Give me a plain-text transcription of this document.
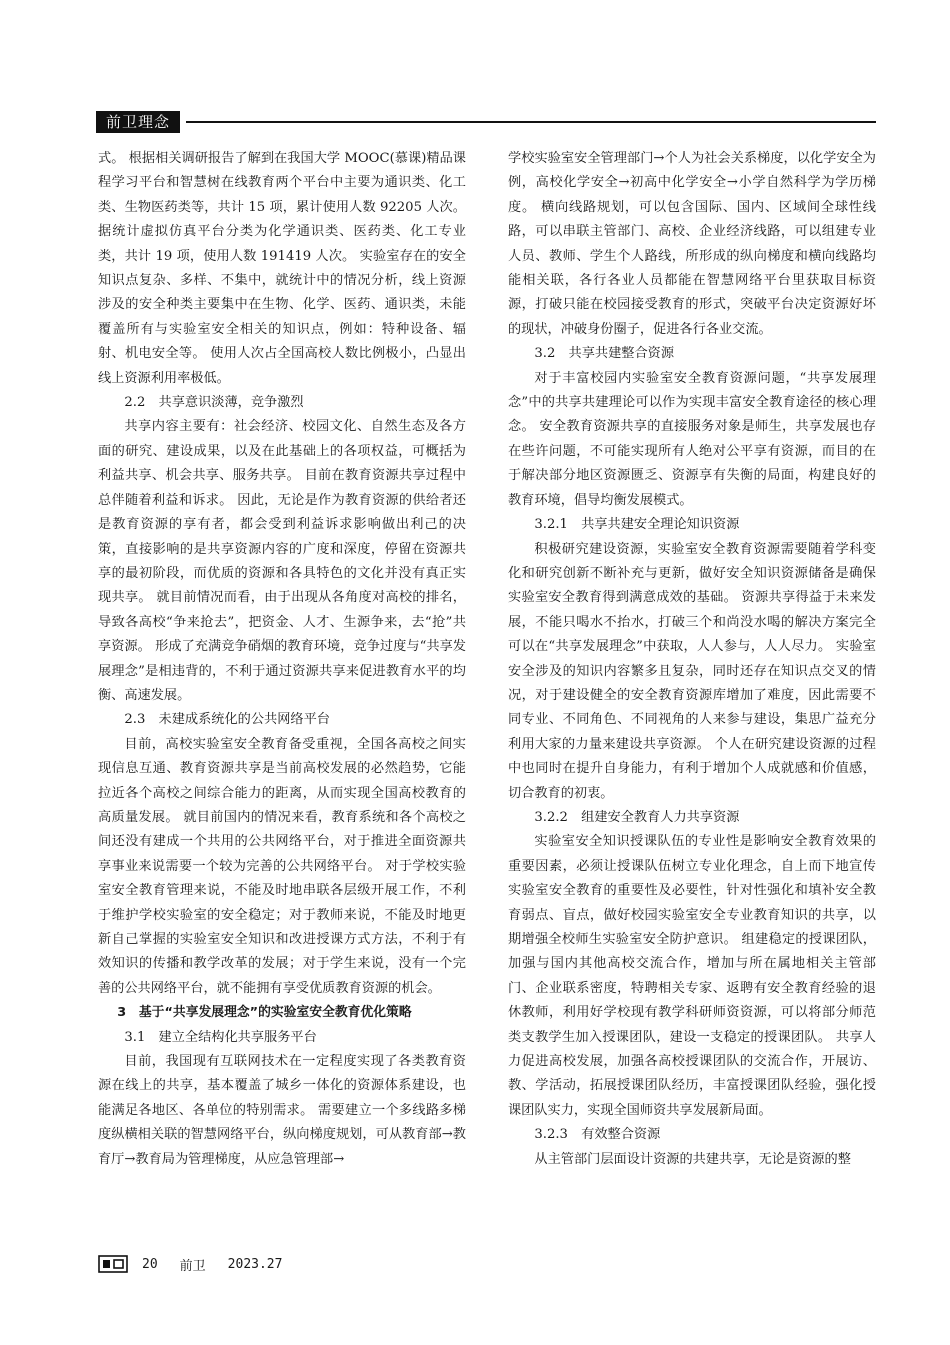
前卫理念

式。 根据相关调研报告了解到在我国大学 MOOC(慕课)精品课程学习平台和智慧树在线教育两个平台中主要为通识类、化工类、生物医药类等，共计 15 项，累计使用人数 92205 人次。 据统计虚拟仿真平台分类为化学通识类、医药类、化工专业类，共计 19 项，使用人数 191419 人次。 实验室存在的安全知识点复杂、多样、不集中，就统计中的情况分析，线上资源涉及的安全种类主要集中在生物、化学、医药、通识类，未能覆盖所有与实验室安全相关的知识点，例如：特种设备、辐射、机电安全等。 使用人次占全国高校人数比例极小，凸显出线上资源利用率极低。

2.2　共享意识淡薄，竞争激烈

共享内容主要有：社会经济、校园文化、自然生态及各方面的研究、建设成果，以及在此基础上的各项权益，可概括为利益共享、机会共享、服务共享。 目前在教育资源共享过程中总伴随着利益和诉求。 因此，无论是作为教育资源的供给者还是教育资源的享有者，都会受到利益诉求影响做出利己的决策，直接影响的是共享资源内容的广度和深度，停留在资源共享的最初阶段，而优质的资源和各具特色的文化并没有真正实现共享。 就目前情况而看，由于出现从各角度对高校的排名，导致各高校“争来抢去”，把资金、人才、生源争来，去“抢”共享资源。 形成了充满竞争硝烟的教育环境，竞争过度与“共享发展理念”是相违背的，不利于通过资源共享来促进教育水平的均衡、高速发展。

2.3　未建成系统化的公共网络平台

目前，高校实验室安全教育备受重视，全国各高校之间实现信息互通、教育资源共享是当前高校发展的必然趋势，它能拉近各个高校之间综合能力的距离，从而实现全国高校教育的高质量发展。 就目前国内的情况来看，教育系统和各个高校之间还没有建成一个共用的公共网络平台，对于推进全面资源共享事业来说需要一个较为完善的公共网络平台。 对于学校实验室安全教育管理来说，不能及时地串联各层级开展工作，不利于维护学校实验室的安全稳定；对于教师来说，不能及时地更新自己掌握的实验室安全知识和改进授课方式方法，不利于有效知识的传播和教学改革的发展；对于学生来说，没有一个完善的公共网络平台，就不能拥有享受优质教育资源的机会。

3　基于“共享发展理念”的实验室安全教育优化策略

3.1　建立全结构化共享服务平台

目前，我国现有互联网技术在一定程度实现了各类教育资源在线上的共享，基本覆盖了城乡一体化的资源体系建设，也能满足各地区、各单位的特别需求。 需要建立一个多线路多梯度纵横相关联的智慧网络平台，纵向梯度规划，可从教育部→教育厅→教育局为管理梯度，从应急管理部→

学校实验室安全管理部门→个人为社会关系梯度，以化学安全为例，高校化学安全→初高中化学安全→小学自然科学为学历梯度。 横向线路规划，可以包含国际、国内、区域间全球性线路，可以串联主管部门、高校、企业经济线路，可以组建专业人员、教师、学生个人路线，所形成的纵向梯度和横向线路均能相关联，各行各业人员都能在智慧网络平台里获取目标资源，打破只能在校园接受教育的形式，突破平台决定资源好坏的现状，冲破身份圈子，促进各行各业交流。

3.2　共享共建整合资源

对于丰富校园内实验室安全教育资源问题，“共享发展理念”中的共享共建理论可以作为实现丰富安全教育途径的核心理念。 安全教育资源共享的直接服务对象是师生，共享发展也存在些许问题，不可能实现所有人绝对公平享有资源，而目的在于解决部分地区资源匮乏、资源享有失衡的局面，构建良好的教育环境，倡导均衡发展模式。

3.2.1　共享共建安全理论知识资源

积极研究建设资源，实验室安全教育资源需要随着学科变化和研究创新不断补充与更新，做好安全知识资源储备是确保实验室安全教育得到满意成效的基础。 资源共享得益于未来发展，不能只喝水不抬水，打破三个和尚没水喝的解决方案完全可以在“共享发展理念”中获取，人人参与，人人尽力。 实验室安全涉及的知识内容繁多且复杂，同时还存在知识点交叉的情况，对于建设健全的安全教育资源库增加了难度，因此需要不同专业、不同角色、不同视角的人来参与建设，集思广益充分利用大家的力量来建设共享资源。 个人在研究建设资源的过程中也同时在提升自身能力，有利于增加个人成就感和价值感，切合教育的初衷。

3.2.2　组建安全教育人力共享资源

实验室安全知识授课队伍的专业性是影响安全教育效果的重要因素，必须让授课队伍树立专业化理念，自上而下地宣传实验室安全教育的重要性及必要性，针对性强化和填补安全教育弱点、盲点，做好校园实验室安全专业教育知识的共享，以期增强全校师生实验室安全防护意识。 组建稳定的授课团队，加强与国内其他高校交流合作，增加与所在属地相关主管部门、企业联系密度，特聘相关专家、返聘有安全教育经验的退休教师，利用好学校现有教学科研师资资源，可以将部分师范类支教学生加入授课团队，建设一支稳定的授课团队。 共享人力促进高校发展，加强各高校授课团队的交流合作，开展访、教、学活动，拓展授课团队经历，丰富授课团队经验，强化授课团队实力，实现全国师资共享发展新局面。

3.2.3　有效整合资源

从主管部门层面设计资源的共建共享，无论是资源的整

20 前卫 2023.27
